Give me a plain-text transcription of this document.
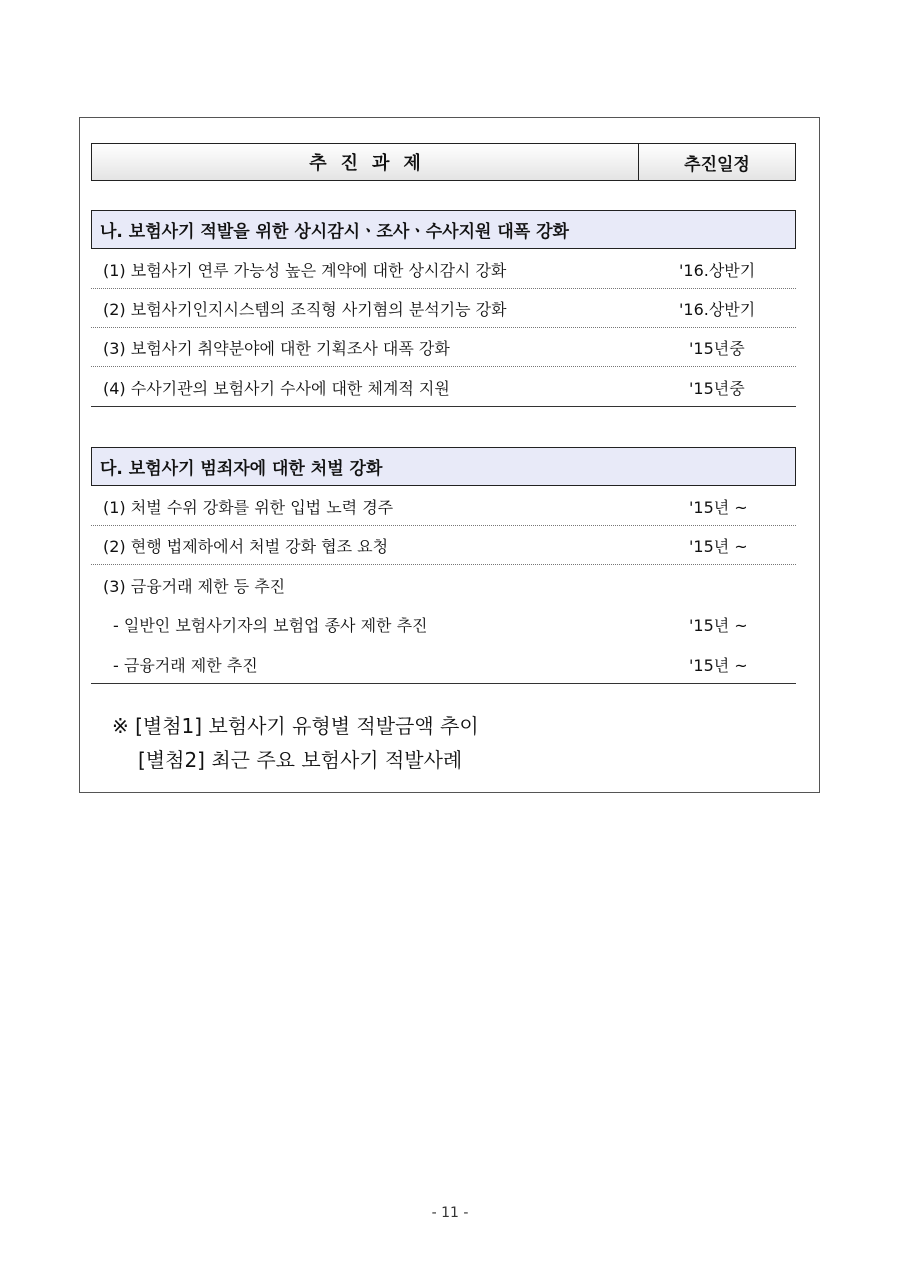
추진과제	추진일정
나. 보험사기 적발을 위한 상시감시ㆍ조사ㆍ수사지원 대폭 강화
(1) 보험사기 연루 가능성 높은 계약에 대한 상시감시 강화	'16.상반기
(2) 보험사기인지시스템의 조직형 사기혐의 분석기능 강화	'16.상반기
(3) 보험사기 취약분야에 대한 기획조사 대폭 강화	'15년중
(4) 수사기관의 보험사기 수사에 대한 체계적 지원	'15년중
다. 보험사기 범죄자에 대한 처벌 강화
(1) 처벌 수위 강화를 위한 입법 노력 경주	'15년 ~
(2) 현행 법제하에서 처벌 강화 협조 요청	'15년 ~
(3) 금융거래 제한 등 추진
- 일반인 보험사기자의 보험업 종사 제한 추진	'15년 ~
- 금융거래 제한 추진	'15년 ~
※ [별첨1] 보험사기 유형별 적발금액 추이
[별첨2] 최근 주요 보험사기 적발사례
- 11 -
